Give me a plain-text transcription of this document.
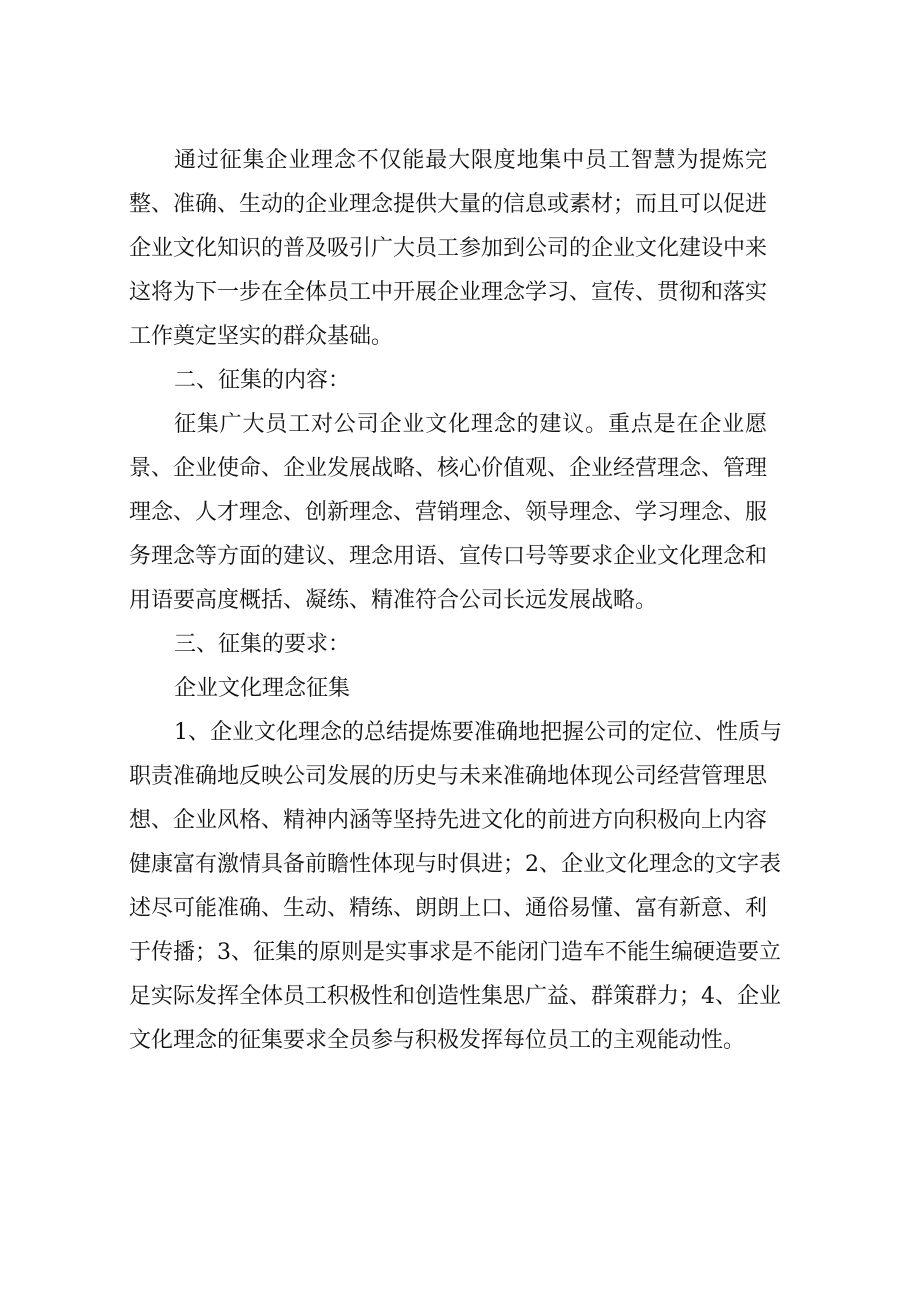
通过征集企业理念不仅能最大限度地集中员工智慧为提炼完
整、准确、生动的企业理念提供大量的信息或素材；而且可以促进
企业文化知识的普及吸引广大员工参加到公司的企业文化建设中来
这将为下一步在全体员工中开展企业理念学习、宣传、贯彻和落实
工作奠定坚实的群众基础。
二、征集的内容：
征集广大员工对公司企业文化理念的建议。重点是在企业愿
景、企业使命、企业发展战略、核心价值观、企业经营理念、管理
理念、人才理念、创新理念、营销理念、领导理念、学习理念、服
务理念等方面的建议、理念用语、宣传口号等要求企业文化理念和
用语要高度概括、凝练、精准符合公司长远发展战略。
三、征集的要求：
企业文化理念征集
1、企业文化理念的总结提炼要准确地把握公司的定位、性质与
职责准确地反映公司发展的历史与未来准确地体现公司经营管理思
想、企业风格、精神内涵等坚持先进文化的前进方向积极向上内容
健康富有激情具备前瞻性体现与时俱进；2、企业文化理念的文字表
述尽可能准确、生动、精练、朗朗上口、通俗易懂、富有新意、利
于传播；3、征集的原则是实事求是不能闭门造车不能生编硬造要立
足实际发挥全体员工积极性和创造性集思广益、群策群力；4、企业
文化理念的征集要求全员参与积极发挥每位员工的主观能动性。
